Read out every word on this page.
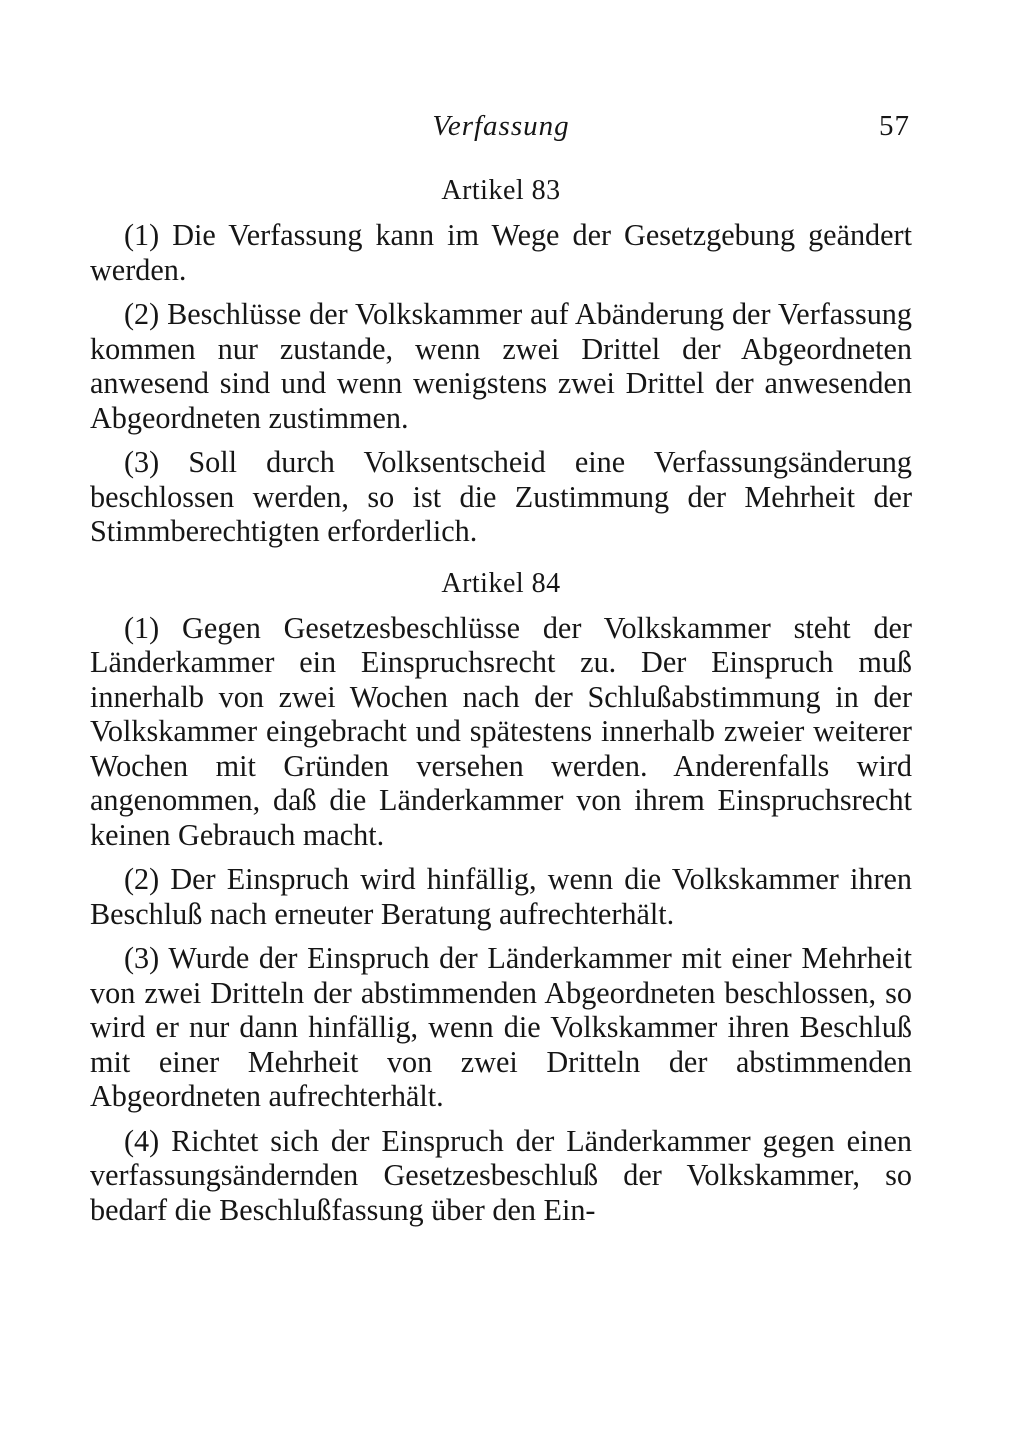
Verfassung	57
Artikel 83

(1) Die Verfassung kann im Wege der Gesetzgebung geändert werden.

(2) Beschlüsse der Volkskammer auf Abänderung der Verfassung kommen nur zustande, wenn zwei Drittel der Abgeordneten anwesend sind und wenn wenigstens zwei Drittel der anwesenden Abgeordneten zustimmen.

(3) Soll durch Volksentscheid eine Verfassungsänderung beschlossen werden, so ist die Zustimmung der Mehrheit der Stimmberechtigten erforderlich.

Artikel 84

(1) Gegen Gesetzesbeschlüsse der Volkskammer steht der Länderkammer ein Einspruchsrecht zu. Der Einspruch muß innerhalb von zwei Wochen nach der Schlußabstimmung in der Volkskammer eingebracht und spätestens innerhalb zweier weiterer Wochen mit Gründen versehen werden. Anderenfalls wird angenommen, daß die Länderkammer von ihrem Einspruchsrecht keinen Gebrauch macht.

(2) Der Einspruch wird hinfällig, wenn die Volkskammer ihren Beschluß nach erneuter Beratung aufrechterhält.

(3) Wurde der Einspruch der Länderkammer mit einer Mehrheit von zwei Dritteln der abstimmenden Abgeordneten beschlossen, so wird er nur dann hinfällig, wenn die Volkskammer ihren Beschluß mit einer Mehrheit von zwei Dritteln der abstimmenden Abgeordneten aufrechterhält.

(4) Richtet sich der Einspruch der Länderkammer gegen einen verfassungsändernden Gesetzesbeschluß der Volkskammer, so bedarf die Beschlußfassung über den Ein-
